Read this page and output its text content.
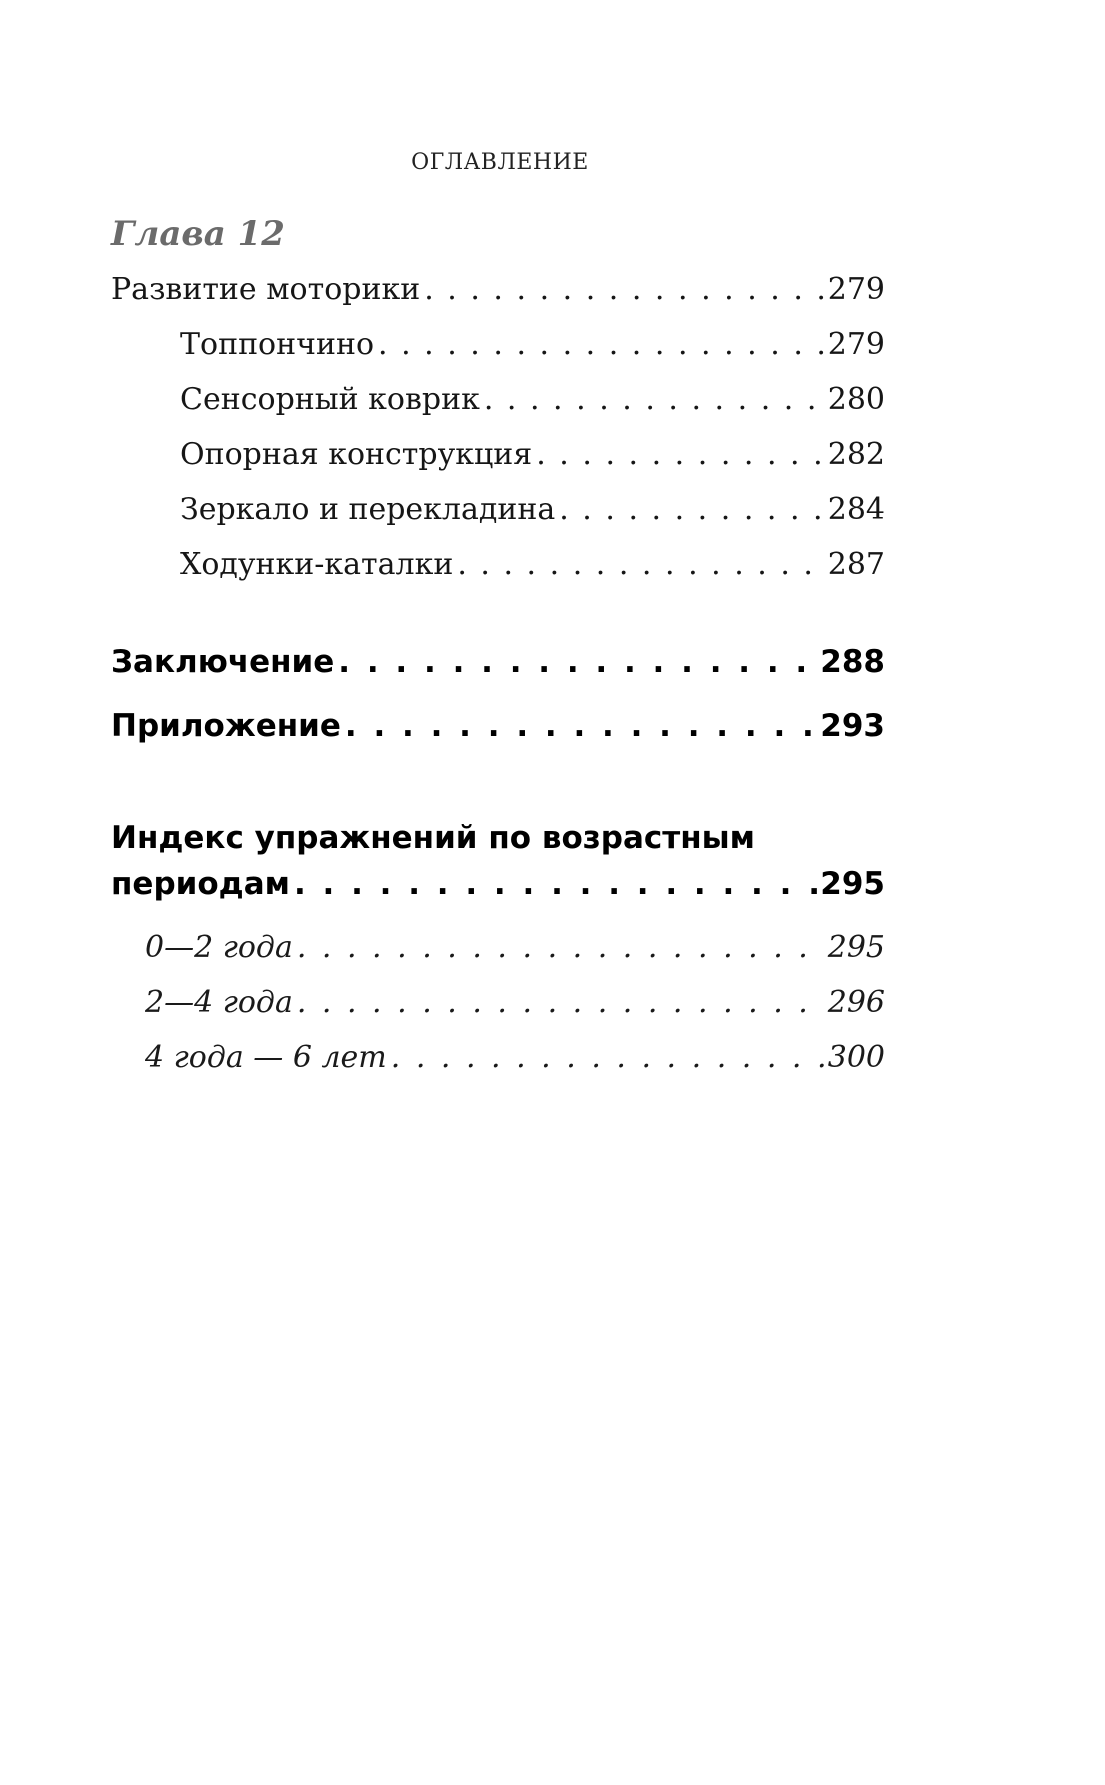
ОГЛАВЛЕНИЕ
Глава 12
Развитие моторики . . .	279
Топпончино . . .	279
Сенсорный коврик . . .	280
Опорная конструкция . . .	282
Зеркало и перекладина . . .	284
Ходунки-каталки . . .	287
Заключение . . .	288
Приложение . . .	293
Индекс упражнений по возрастным
периодам . . .	295
0—2 года . . .	295
2—4 года . . .	296
4 года — 6 лет . . .	300
